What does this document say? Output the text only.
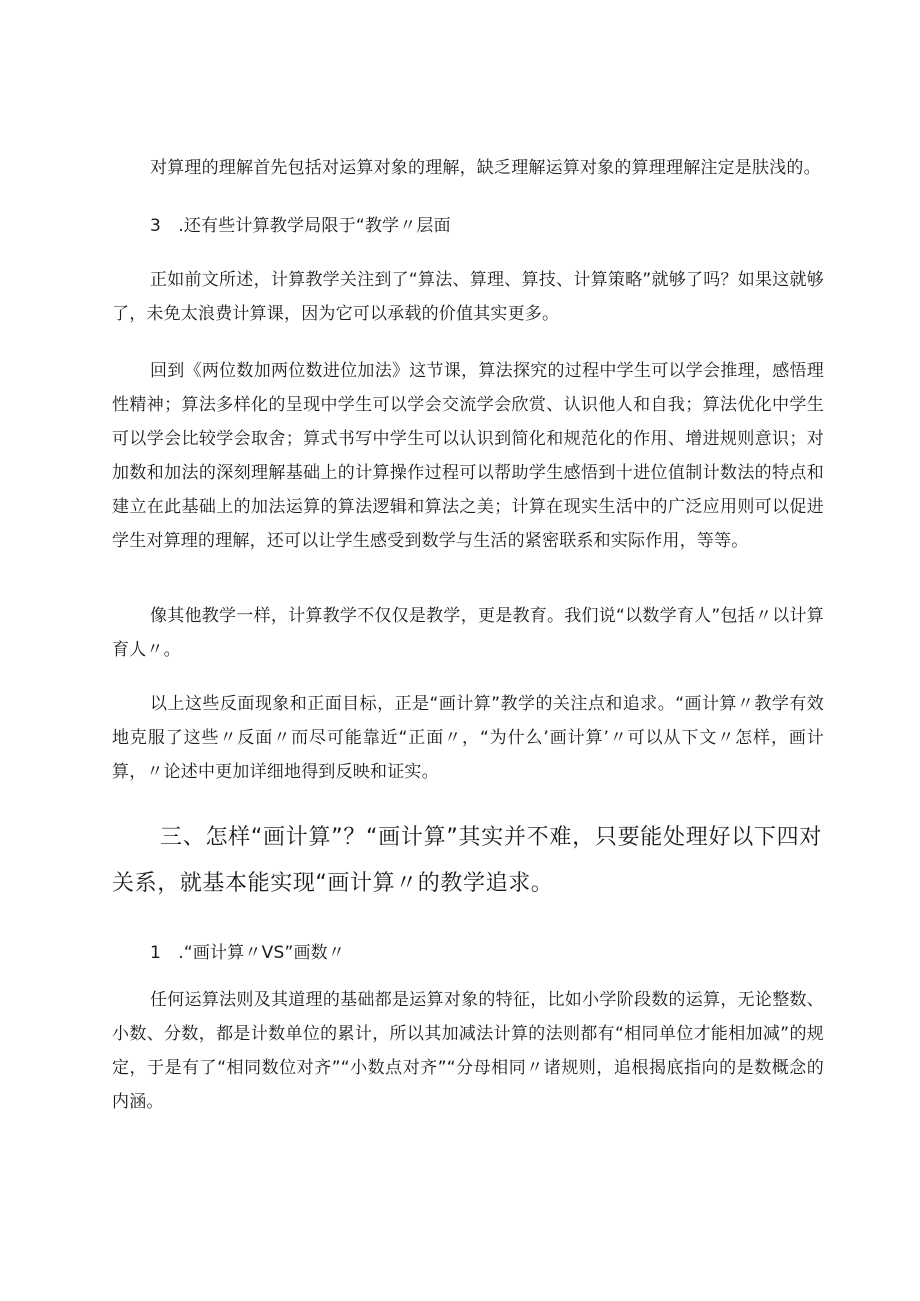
对算理的理解首先包括对运算对象的理解，缺乏理解运算对象的算理理解注定是肤浅的。

3　.还有些计算教学局限于“教学〃层面

正如前文所述，计算教学关注到了“算法、算理、算技、计算策略”就够了吗？如果这就够了，未免太浪费计算课，因为它可以承载的价值其实更多。

回到《两位数加两位数进位加法》这节课，算法探究的过程中学生可以学会推理，感悟理性精神；算法多样化的呈现中学生可以学会交流学会欣赏、认识他人和自我；算法优化中学生可以学会比较学会取舍；算式书写中学生可以认识到简化和规范化的作用、增进规则意识；对加数和加法的深刻理解基础上的计算操作过程可以帮助学生感悟到十进位值制计数法的特点和建立在此基础上的加法运算的算法逻辑和算法之美；计算在现实生活中的广泛应用则可以促进学生对算理的理解，还可以让学生感受到数学与生活的紧密联系和实际作用，等等。

像其他教学一样，计算教学不仅仅是教学，更是教育。我们说“以数学育人”包括〃以计算育人〃。

以上这些反面现象和正面目标，正是“画计算”教学的关注点和追求。“画计算〃教学有效地克服了这些〃反面〃而尽可能靠近“正面〃，“为什么’画计算’〃可以从下文〃怎样，画计算，〃论述中更加详细地得到反映和证实。

三、怎样“画计算”？“画计算”其实并不难，只要能处理好以下四对关系，就基本能实现“画计算〃的教学追求。

1　.“画计算〃VS”画数〃

任何运算法则及其道理的基础都是运算对象的特征，比如小学阶段数的运算，无论整数、小数、分数，都是计数单位的累计，所以其加减法计算的法则都有“相同单位才能相加减”的规定，于是有了“相同数位对齐”“小数点对齐”“分母相同〃诸规则，追根揭底指向的是数概念的内涵。
